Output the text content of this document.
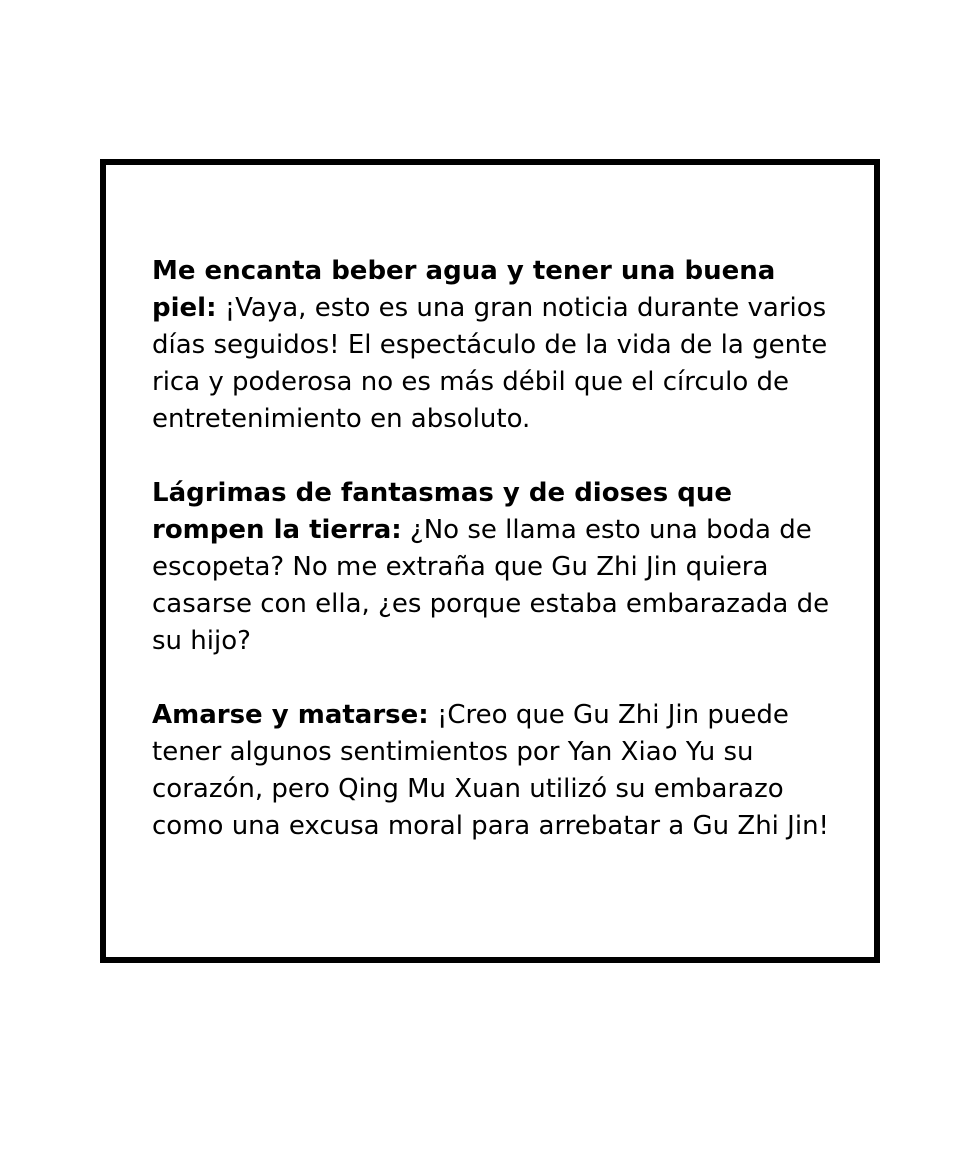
Me encanta beber agua y tener una buena piel: ¡Vaya, esto es una gran noticia durante varios días seguidos! El espectáculo de la vida de la gente rica y poderosa no es más débil que el círculo de entretenimiento en absoluto.

Lágrimas de fantasmas y de dioses que rompen la tierra: ¿No se llama esto una boda de escopeta? No me extraña que Gu Zhi Jin quiera casarse con ella, ¿es porque estaba embarazada de su hijo?

Amarse y matarse: ¡Creo que Gu Zhi Jin puede tener algunos sentimientos por Yan Xiao Yu su corazón, pero Qing Mu Xuan utilizó su embarazo como una excusa moral para arrebatar a Gu Zhi Jin!
